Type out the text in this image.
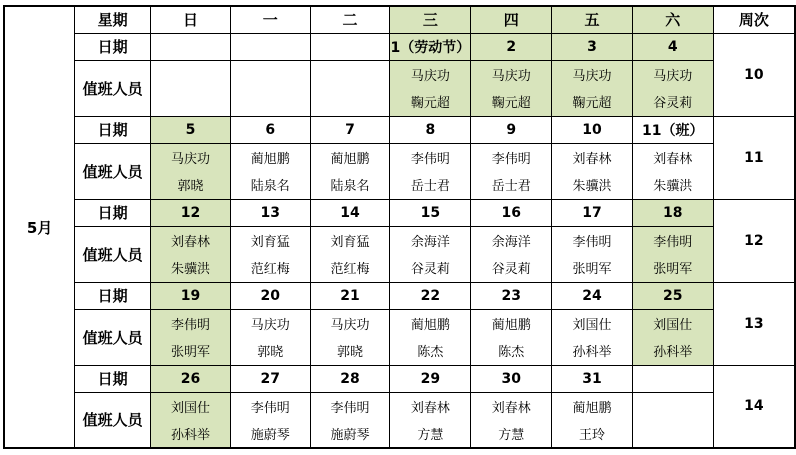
5月	星期	日	一	二	三	四	五	六	周次
	日期				1（劳动节）	2	3	4	10
	值班人员				马庆功	马庆功	马庆功	马庆功	
					鞠元超	鞠元超	鞠元超	谷灵莉	
	日期	5	6	7	8	9	10	11（班）	11
	值班人员	马庆功	蔺旭鹏	蔺旭鹏	李伟明	李伟明	刘春林	刘春林	
		郭晓	陆泉名	陆泉名	岳士君	岳士君	朱骥洪	朱骥洪	
	日期	12	13	14	15	16	17	18	12
	值班人员	刘春林	刘育猛	刘育猛	余海洋	余海洋	李伟明	李伟明	
		朱骥洪	范红梅	范红梅	谷灵莉	谷灵莉	张明军	张明军	
	日期	19	20	21	22	23	24	25	13
	值班人员	李伟明	马庆功	马庆功	蔺旭鹏	蔺旭鹏	刘国仕	刘国仕	
		张明军	郭晓	郭晓	陈杰	陈杰	孙科举	孙科举	
	日期	26	27	28	29	30	31		14
	值班人员	刘国仕	李伟明	李伟明	刘春林	刘春林	蔺旭鹏		
		孙科举	施蔚琴	施蔚琴	方慧	方慧	王玲		
